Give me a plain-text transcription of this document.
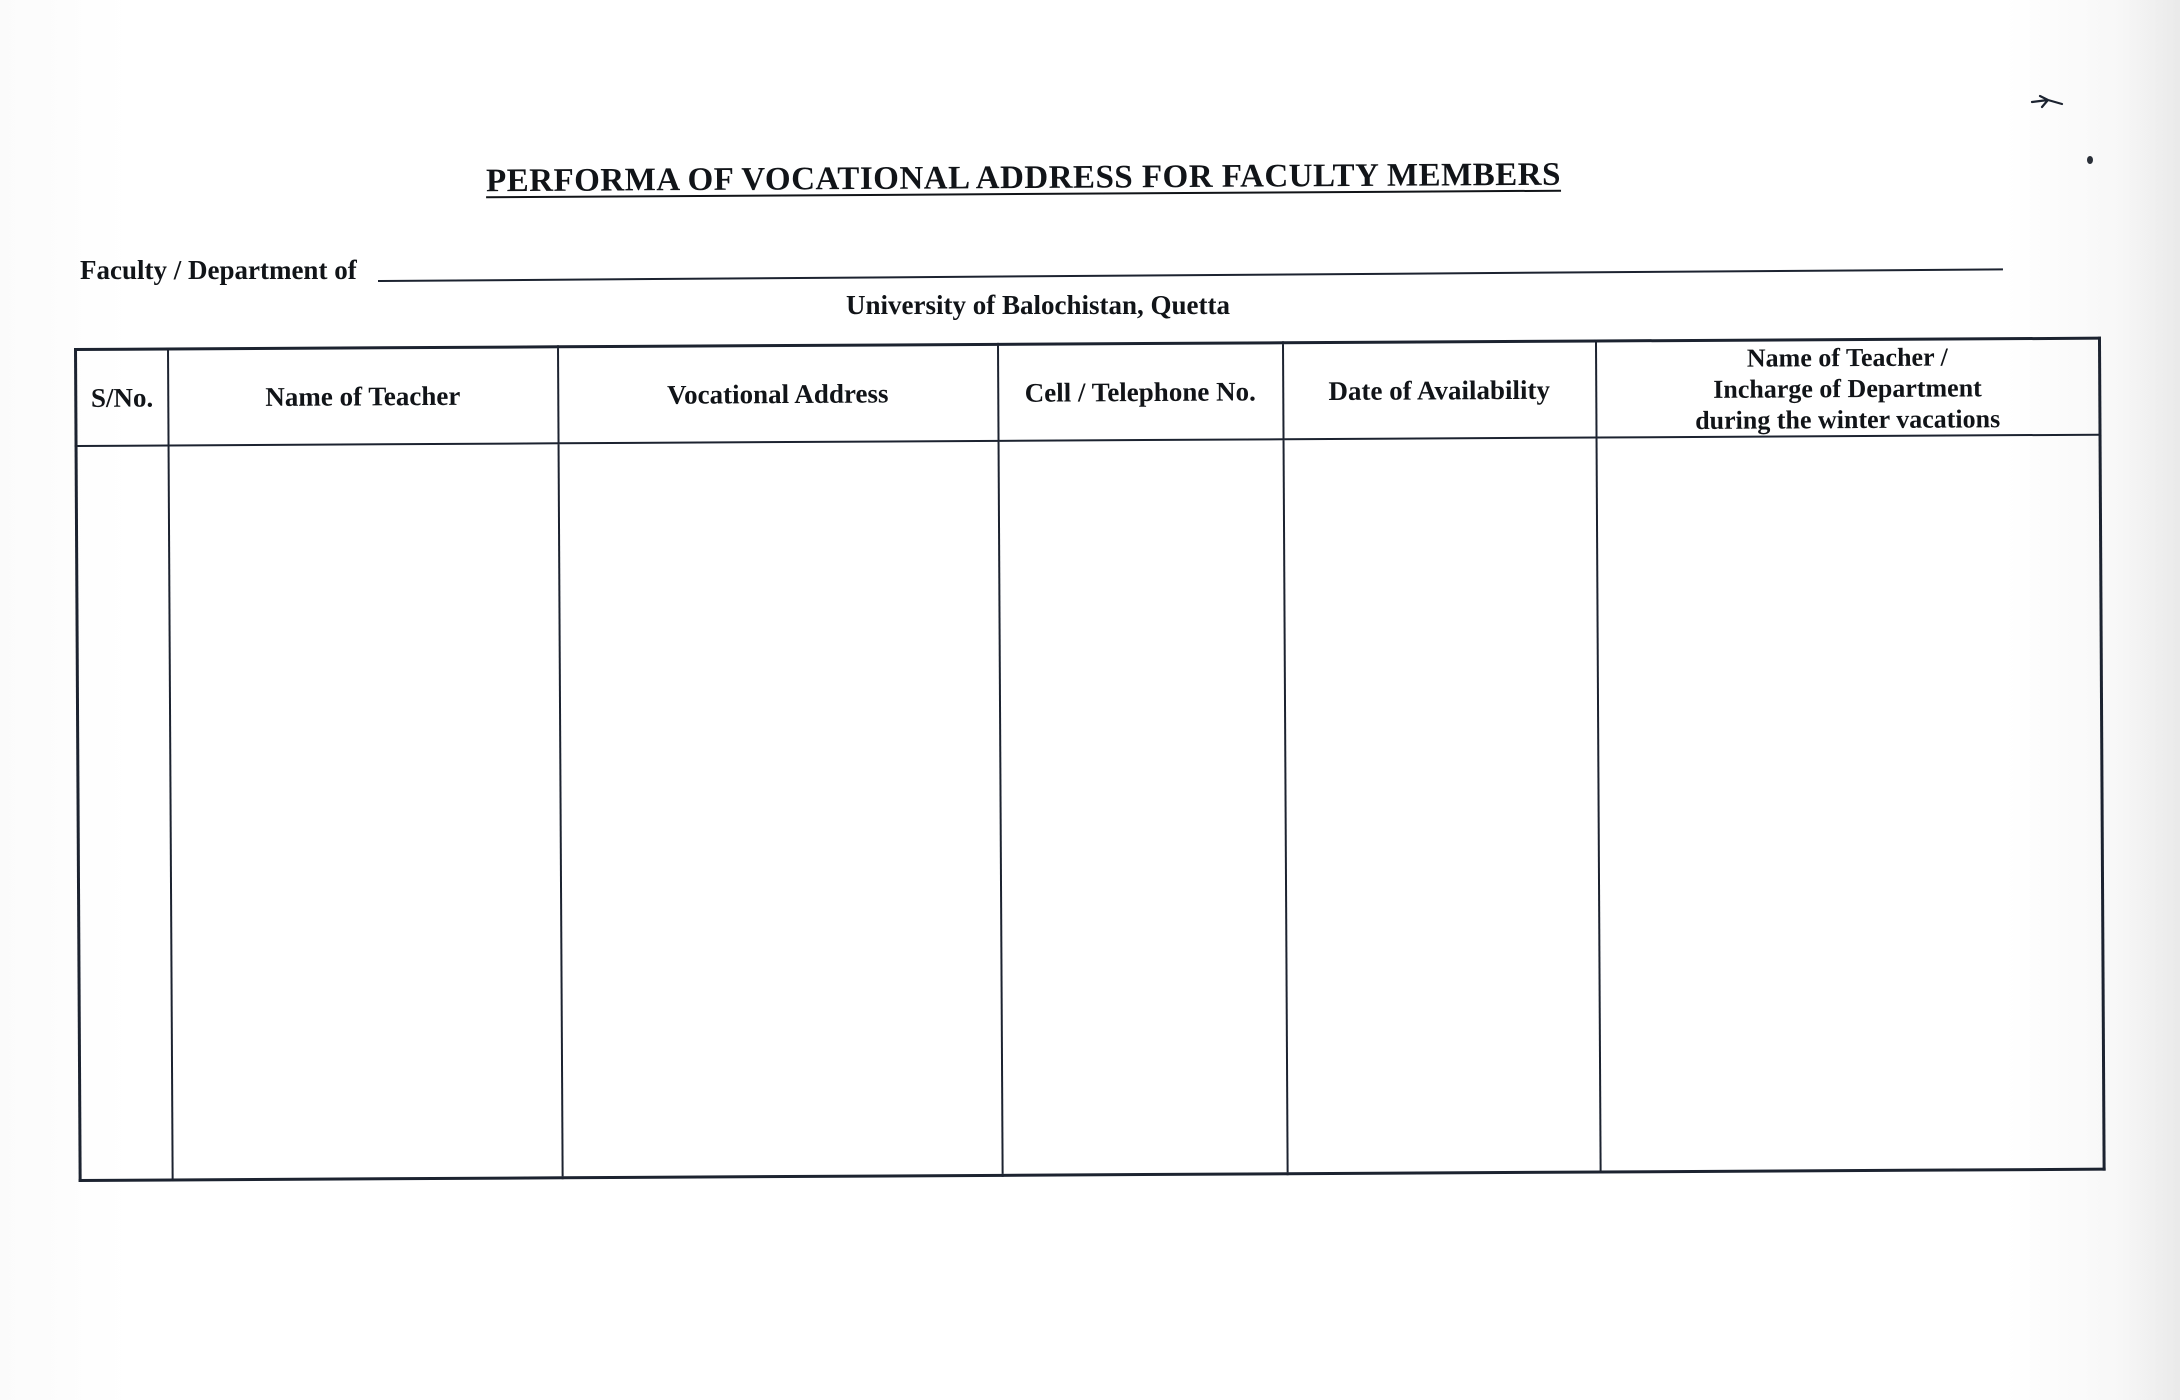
PERFORMA OF VOCATIONAL ADDRESS FOR FACULTY MEMBERS
Faculty / Department of
University of Balochistan, Quetta
S/No.	Name of Teacher	Vocational Address	Cell / Telephone No.	Date of Availability	Name of Teacher /
Incharge of Department
during the winter vacations
